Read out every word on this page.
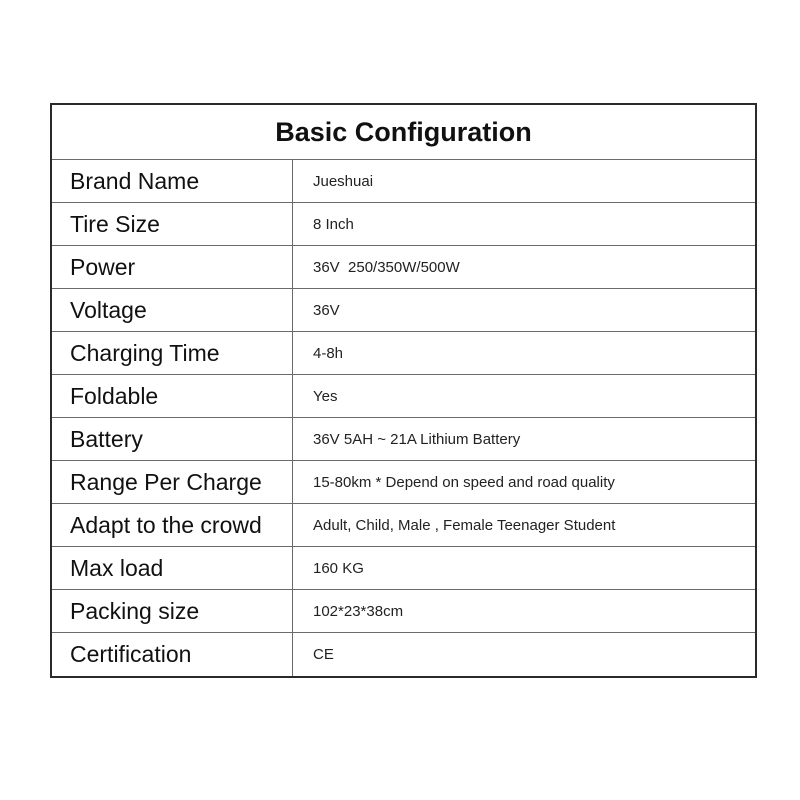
Basic Configuration
Brand Name	Jueshuai
Tire Size	8 Inch
Power	36V  250/350W/500W
Voltage	36V
Charging Time	4-8h
Foldable	Yes
Battery	36V 5AH ~ 21A Lithium Battery
Range Per Charge	15-80km * Depend on speed and road quality
Adapt to the crowd	Adult, Child, Male , Female Teenager Student
Max load	160 KG
Packing size	102*23*38cm
Certification	CE
